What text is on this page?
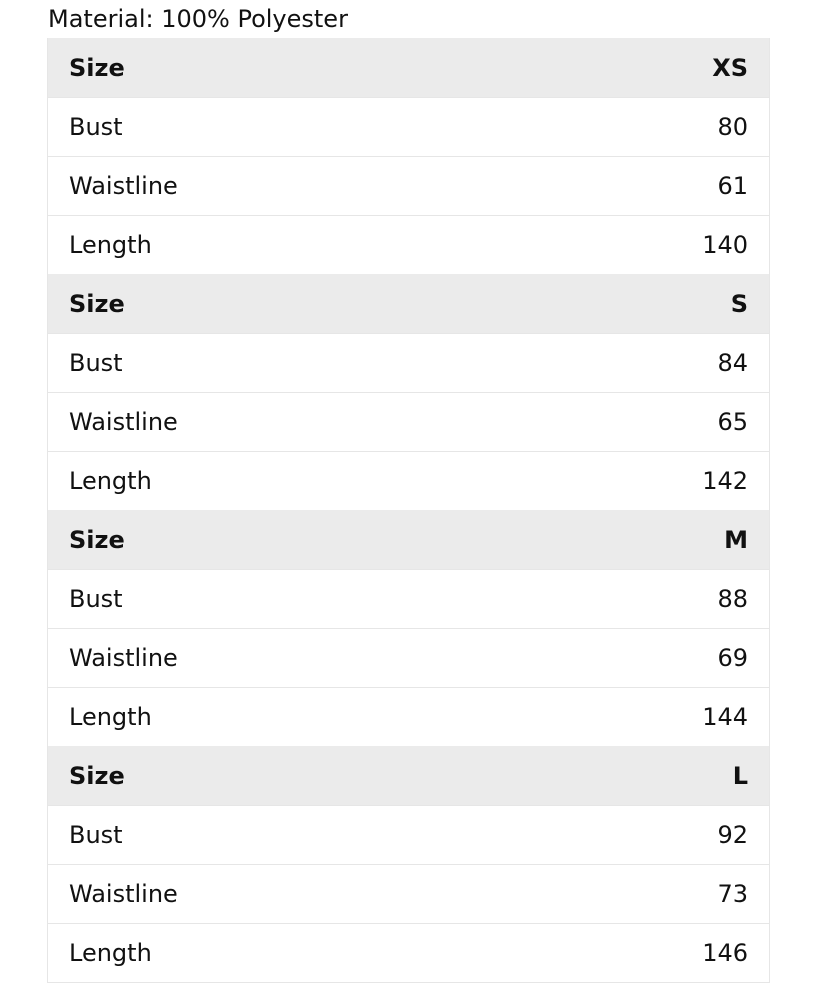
Material: 100% Polyester
Size	XS
Bust	80
Waistline	61
Length	140
Size	S
Bust	84
Waistline	65
Length	142
Size	M
Bust	88
Waistline	69
Length	144
Size	L
Bust	92
Waistline	73
Length	146
